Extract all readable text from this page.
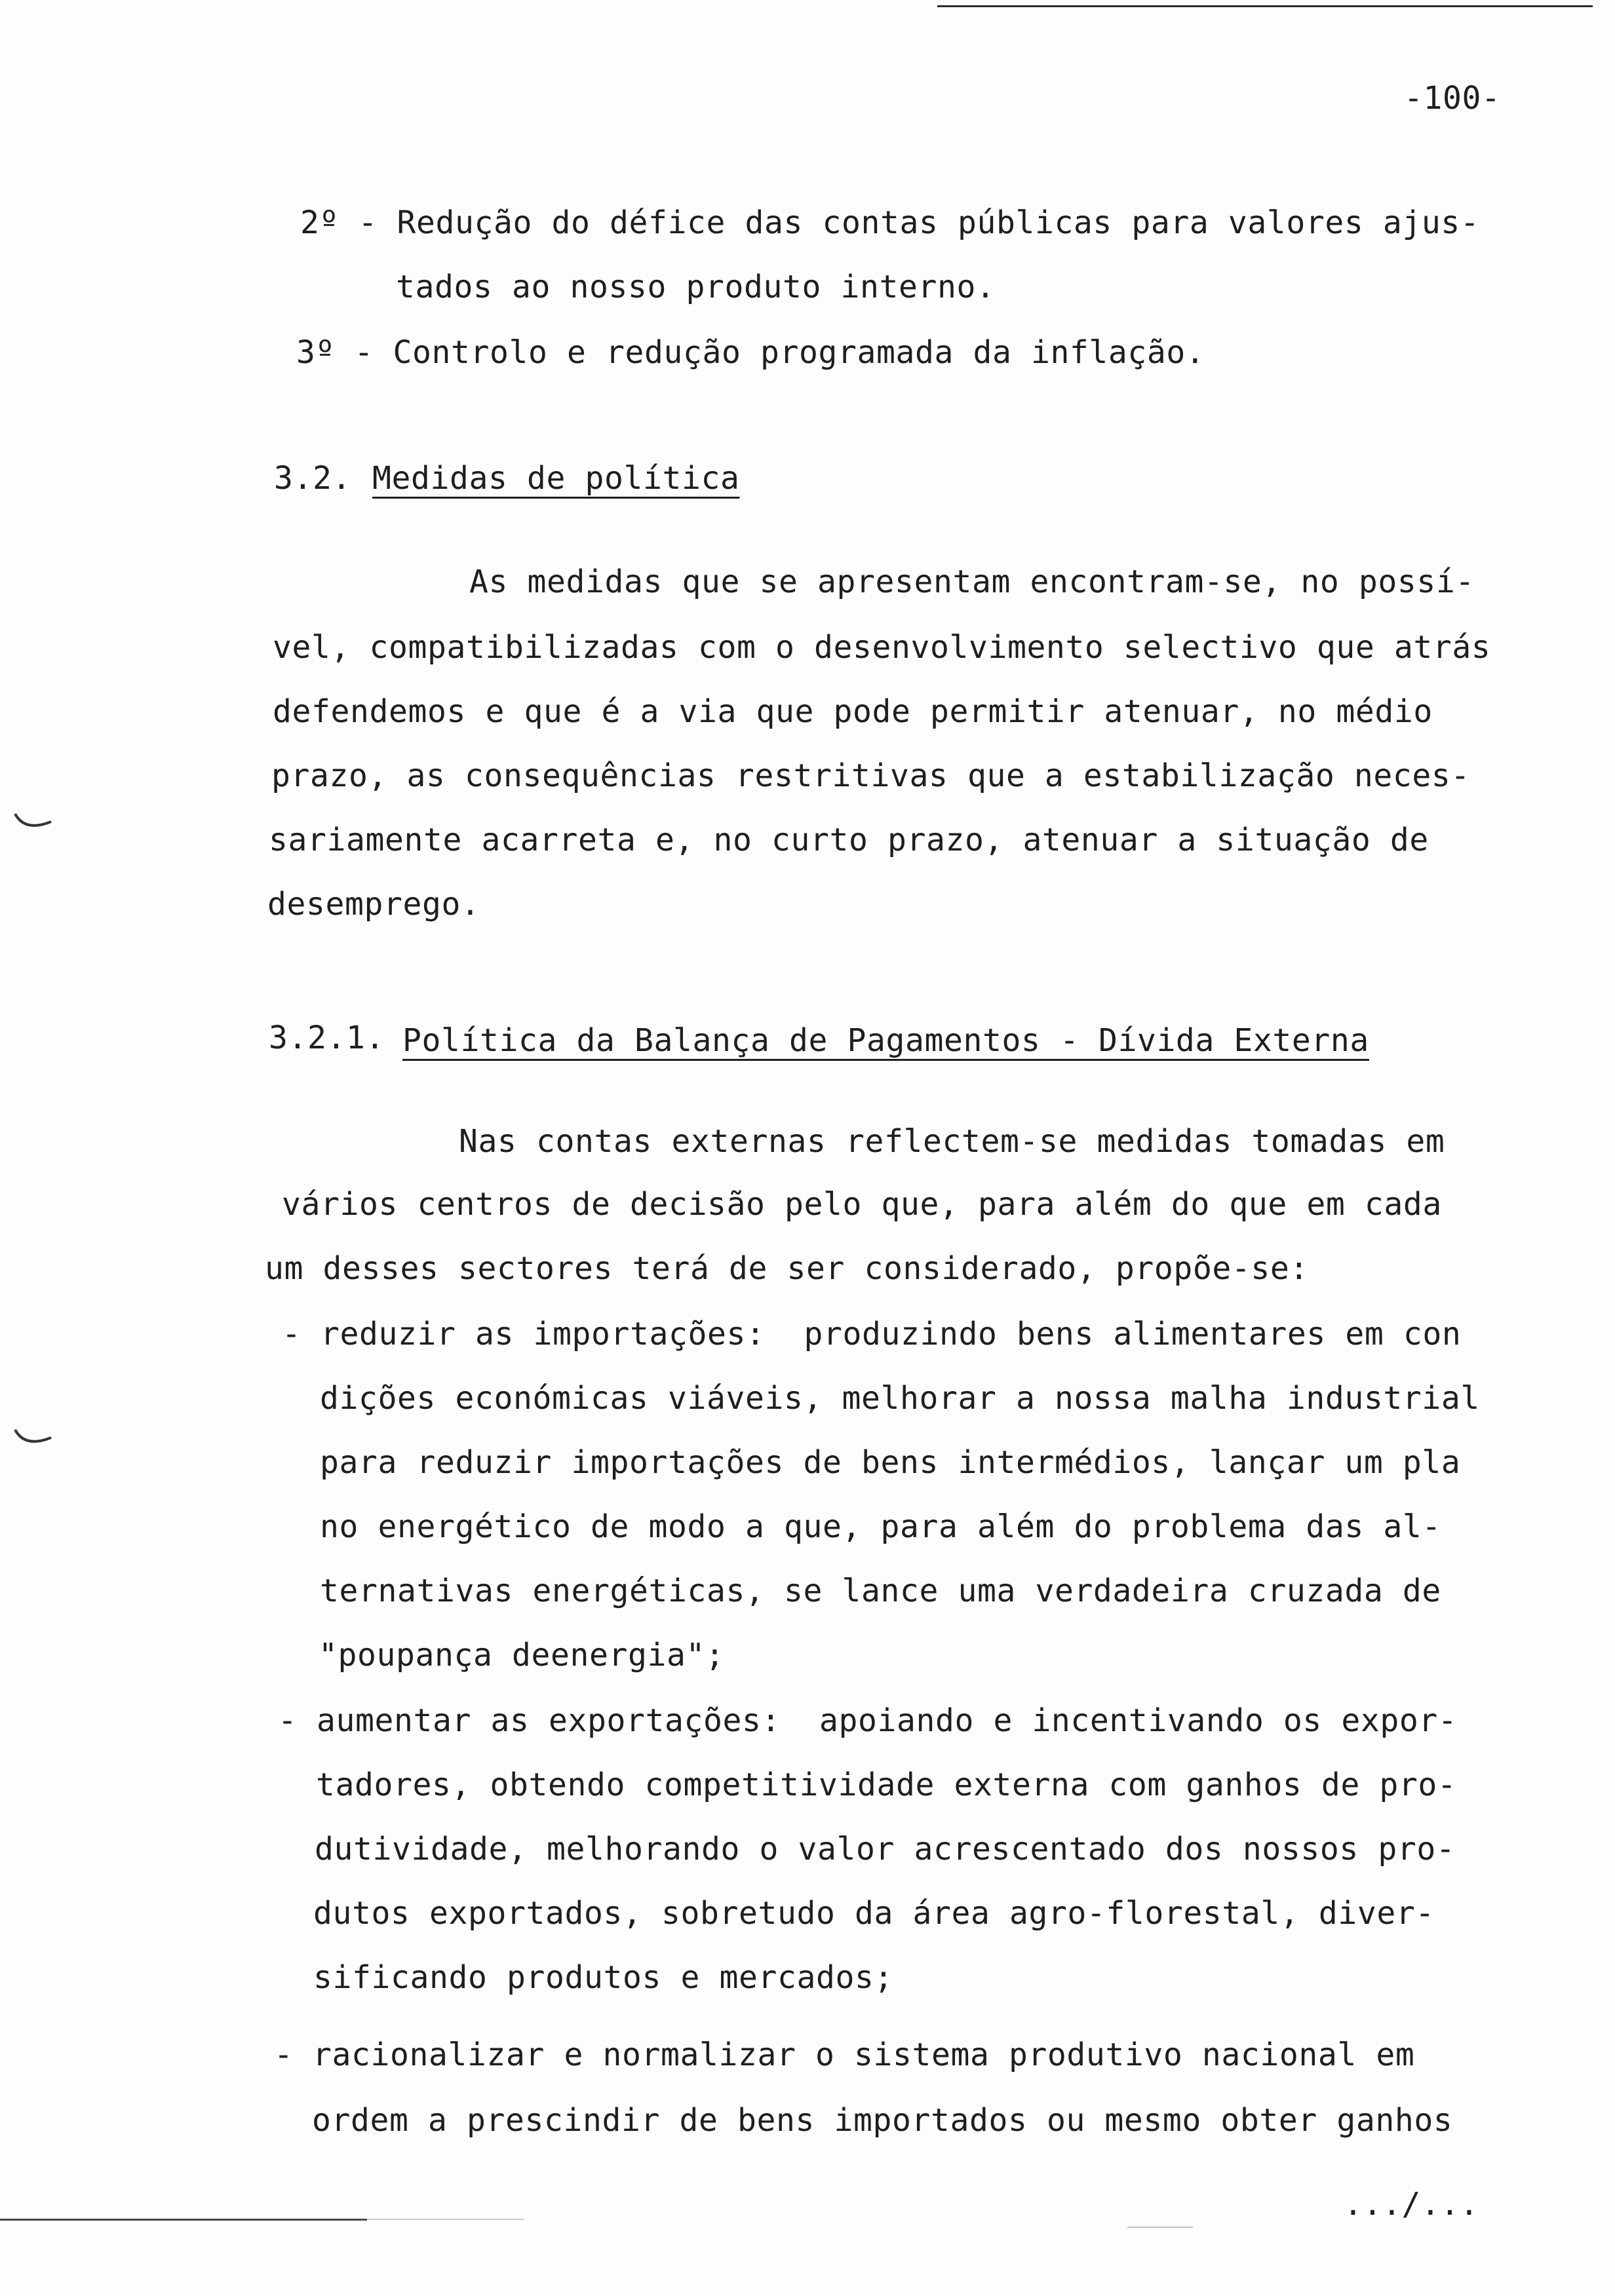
-100-
2º - Redução do défice das contas públicas para valores ajus-
tados ao nosso produto interno.
3º - Controlo e redução programada da inflação.
3.2. Medidas de política
As medidas que se apresentam encontram-se, no possí-
vel, compatibilizadas com o desenvolvimento selectivo que atrás
defendemos e que é a via que pode permitir atenuar, no médio
prazo, as consequências restritivas que a estabilização neces-
sariamente acarreta e, no curto prazo, atenuar a situação de
desemprego.
3.2.1. Política da Balança de Pagamentos - Dívida Externa
Nas contas externas reflectem-se medidas tomadas em
vários centros de decisão pelo que, para além do que em cada
um desses sectores terá de ser considerado, propõe-se:
- reduzir as importações:  produzindo bens alimentares em con
dições económicas viáveis, melhorar a nossa malha industrial
para reduzir importações de bens intermédios, lançar um pla
no energético de modo a que, para além do problema das al-
ternativas energéticas, se lance uma verdadeira cruzada de
"poupança deenergia";
- aumentar as exportações:  apoiando e incentivando os expor-
tadores, obtendo competitividade externa com ganhos de pro-
dutividade, melhorando o valor acrescentado dos nossos pro-
dutos exportados, sobretudo da área agro-florestal, diver-
sificando produtos e mercados;
- racionalizar e normalizar o sistema produtivo nacional em
ordem a prescindir de bens importados ou mesmo obter ganhos
.../...
